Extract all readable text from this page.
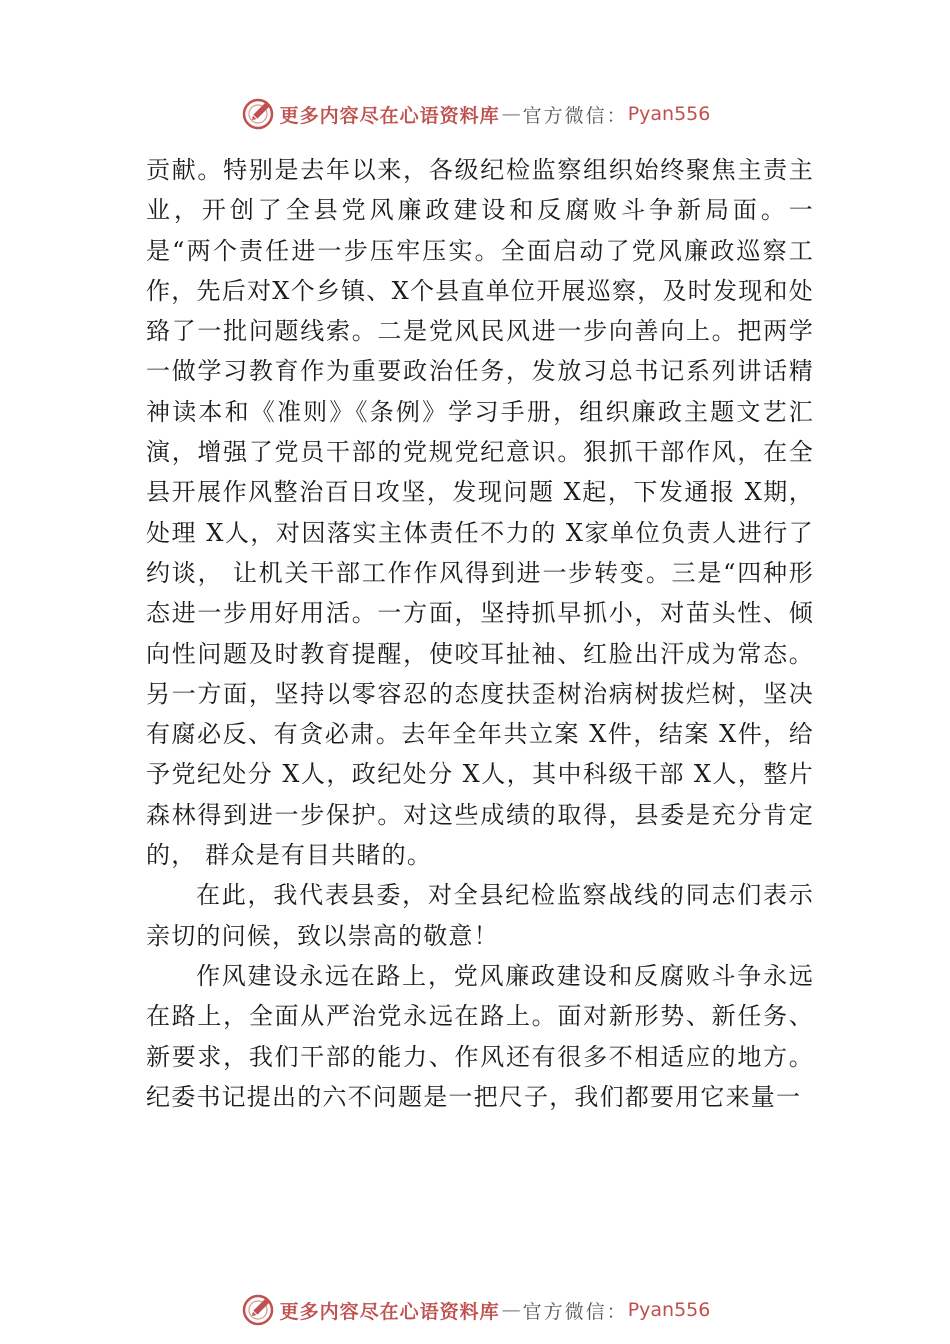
更多内容尽在心语资料库 — 官方微信： Pyan556

贡献。特别是去年以来，各级纪检监察组织始终聚焦主责主业，开创了全县党风廉政建设和反腐败斗争新局面。一是“两个责任进一步压牢压实。全面启动了党风廉政巡察工作，先后对X个乡镇、X个县直单位开展巡察，及时发现和处臵了一批问题线索。二是党风民风进一步向善向上。把两学一做学习教育作为重要政治任务，发放习总书记系列讲话精神读本和《准则》《条例》学习手册，组织廉政主题文艺汇演，增强了党员干部的党规党纪意识。狠抓干部作风，在全县开展作风整治百日攻坚，发现问题 X起，下发通报 X期，处理 X人，对因落实主体责任不力的 X家单位负责人进行了约谈， 让机关干部工作作风得到进一步转变。三是“四种形态进一步用好用活。一方面，坚持抓早抓小，对苗头性、倾向性问题及时教育提醒，使咬耳扯袖、红脸出汗成为常态。另一方面，坚持以零容忍的态度扶歪树治病树拔烂树，坚决有腐必反、有贪必肃。去年全年共立案 X件，结案 X件，给予党纪处分 X人，政纪处分 X人，其中科级干部 X人，整片森林得到进一步保护。对这些成绩的取得，县委是充分肯定的， 群众是有目共睹的。

在此，我代表县委，对全县纪检监察战线的同志们表示亲切的问候，致以崇高的敬意！

作风建设永远在路上，党风廉政建设和反腐败斗争永远在路上，全面从严治党永远在路上。面对新形势、新任务、新要求，我们干部的能力、作风还有很多不相适应的地方。纪委书记提出的六不问题是一把尺子，我们都要用它来量一

更多内容尽在心语资料库 — 官方微信： Pyan556
